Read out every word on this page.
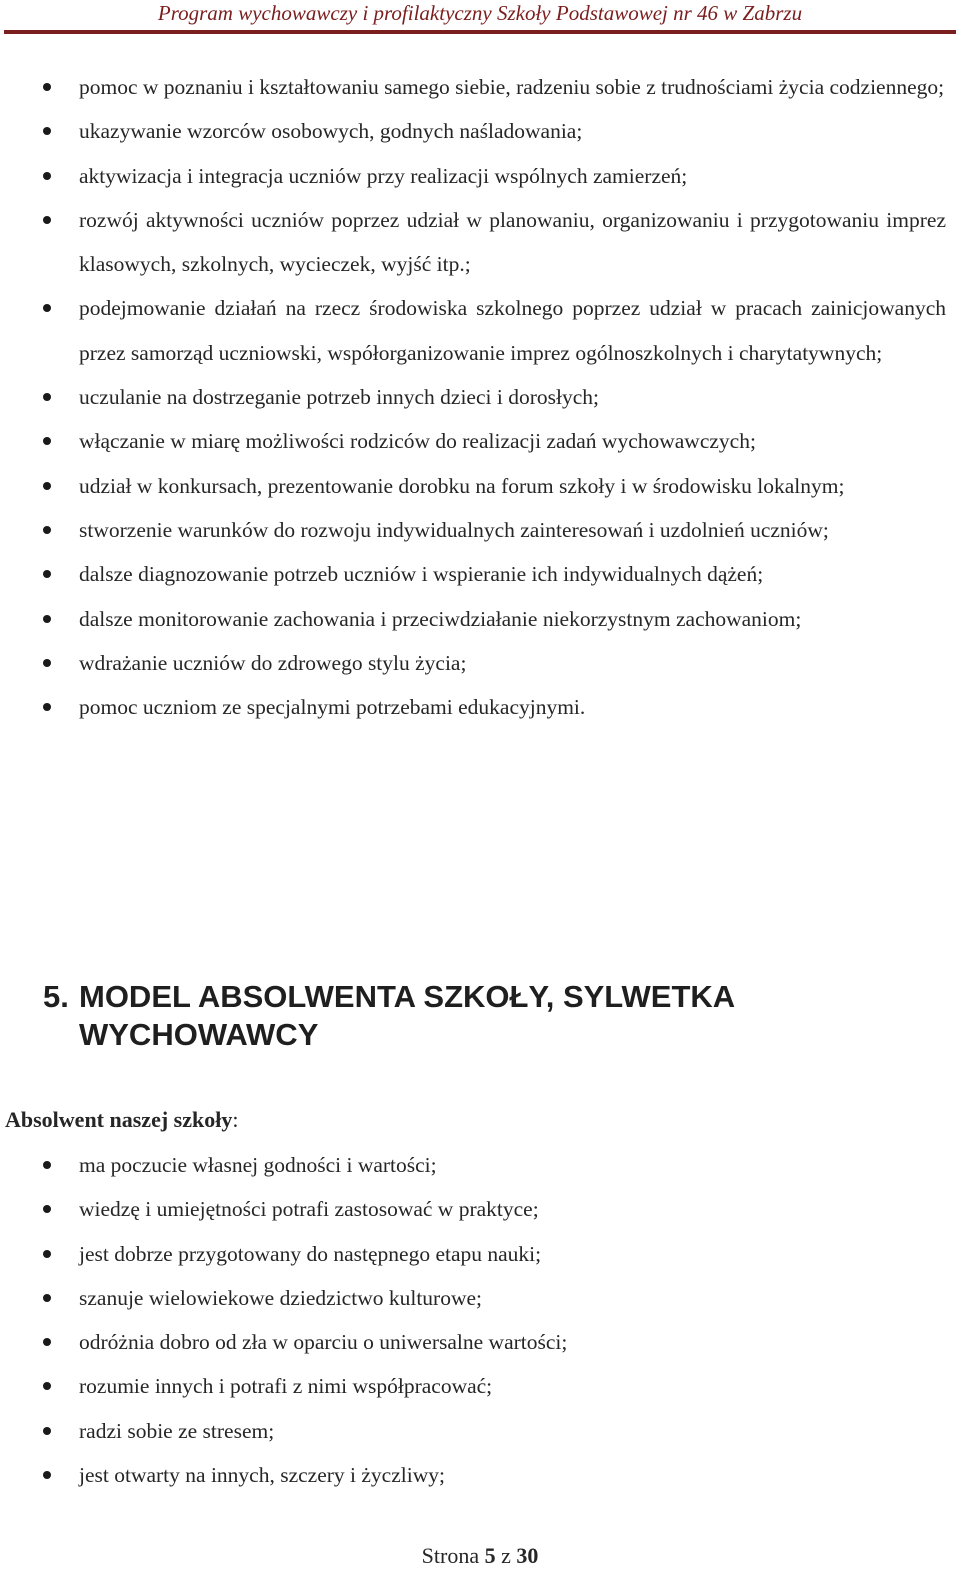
Program wychowawczy i profilaktyczny Szkoły Podstawowej nr 46 w Zabrzu
pomoc w poznaniu i kształtowaniu samego siebie, radzeniu sobie z trudnościami życia codziennego;
ukazywanie wzorców osobowych, godnych naśladowania;
aktywizacja i integracja uczniów przy realizacji wspólnych zamierzeń;
rozwój aktywności uczniów poprzez udział w planowaniu, organizowaniu i przygotowaniu imprez klasowych, szkolnych, wycieczek, wyjść itp.;
podejmowanie działań na rzecz środowiska szkolnego poprzez udział w pracach zainicjowanych przez samorząd uczniowski, współorganizowanie imprez ogólnoszkolnych i charytatywnych;
uczulanie na dostrzeganie potrzeb innych dzieci i dorosłych;
włączanie w miarę możliwości rodziców do realizacji zadań wychowawczych;
udział w konkursach, prezentowanie dorobku na forum szkoły i w środowisku lokalnym;
stworzenie warunków do rozwoju indywidualnych zainteresowań i uzdolnień uczniów;
dalsze diagnozowanie potrzeb uczniów i wspieranie ich indywidualnych dążeń;
dalsze monitorowanie zachowania i przeciwdziałanie niekorzystnym zachowaniom;
wdrażanie uczniów do zdrowego stylu życia;
pomoc uczniom ze specjalnymi potrzebami edukacyjnymi.
5. MODEL ABSOLWENTA SZKOŁY, SYLWETKA
WYCHOWAWCY
Absolwent naszej szkoły:
ma poczucie własnej godności i wartości;
wiedzę i umiejętności potrafi zastosować w praktyce;
jest dobrze przygotowany do następnego etapu nauki;
szanuje wielowiekowe dziedzictwo kulturowe;
odróżnia dobro od zła w oparciu o uniwersalne wartości;
rozumie innych i potrafi z nimi współpracować;
radzi sobie ze stresem;
jest otwarty na innych, szczery i życzliwy;
Strona 5 z 30
